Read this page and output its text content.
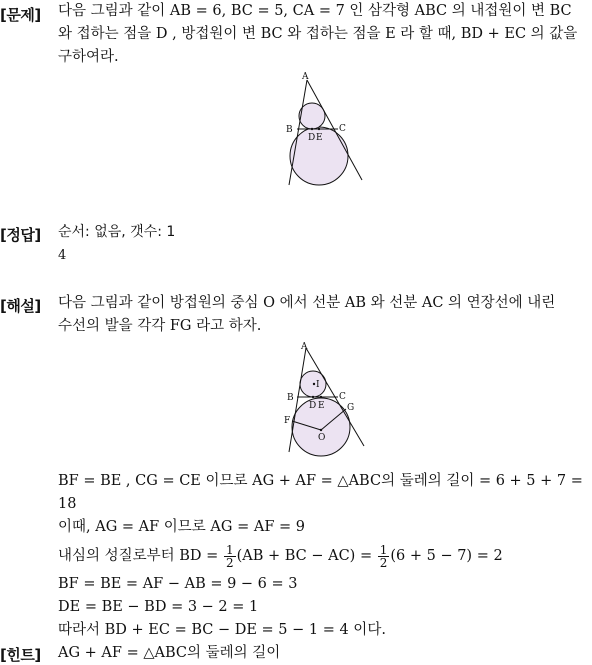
[문제] 다음 그림과 같이 AB = 6, BC = 5, CA = 7 인 삼각형 ABC 의 내접원이 변 BC
와 접하는 점을 D , 방접원이 변 BC 와 접하는 점을 E 라 할 때, BD + EC 의 값을
구하여라.
A
B	C
D E
[정답] 순서: 없음, 갯수: 1
4
[해설] 다음 그림과 같이 방접원의 중심 O 에서 선분 AB 와 선분 AC 의 연장선에 내린
수선의 발을 각각 FG 라고 하자.
A
B	C
D E
F
G
I
O
BF = BE , CG = CE 이므로 AG + AF = △ABC의 둘레의 길이 = 6 + 5 + 7 = 18
이때, AG = AF 이므로 AG = AF = 9
내심의 성질로부터 BD = $\frac{1}{2} (AB$ + BC − $AC) = \frac{1}{2} (6 + 5 - 7) = 2$
BF = BE = AF − AB = 9 − 6 = 3
DE = BE − BD = 3 − 2 = 1
따라서 BD + EC = BC − DE = 5 − 1 = 4 이다.
[힌트] AG + AF = △ABC의 둘레의 길이
